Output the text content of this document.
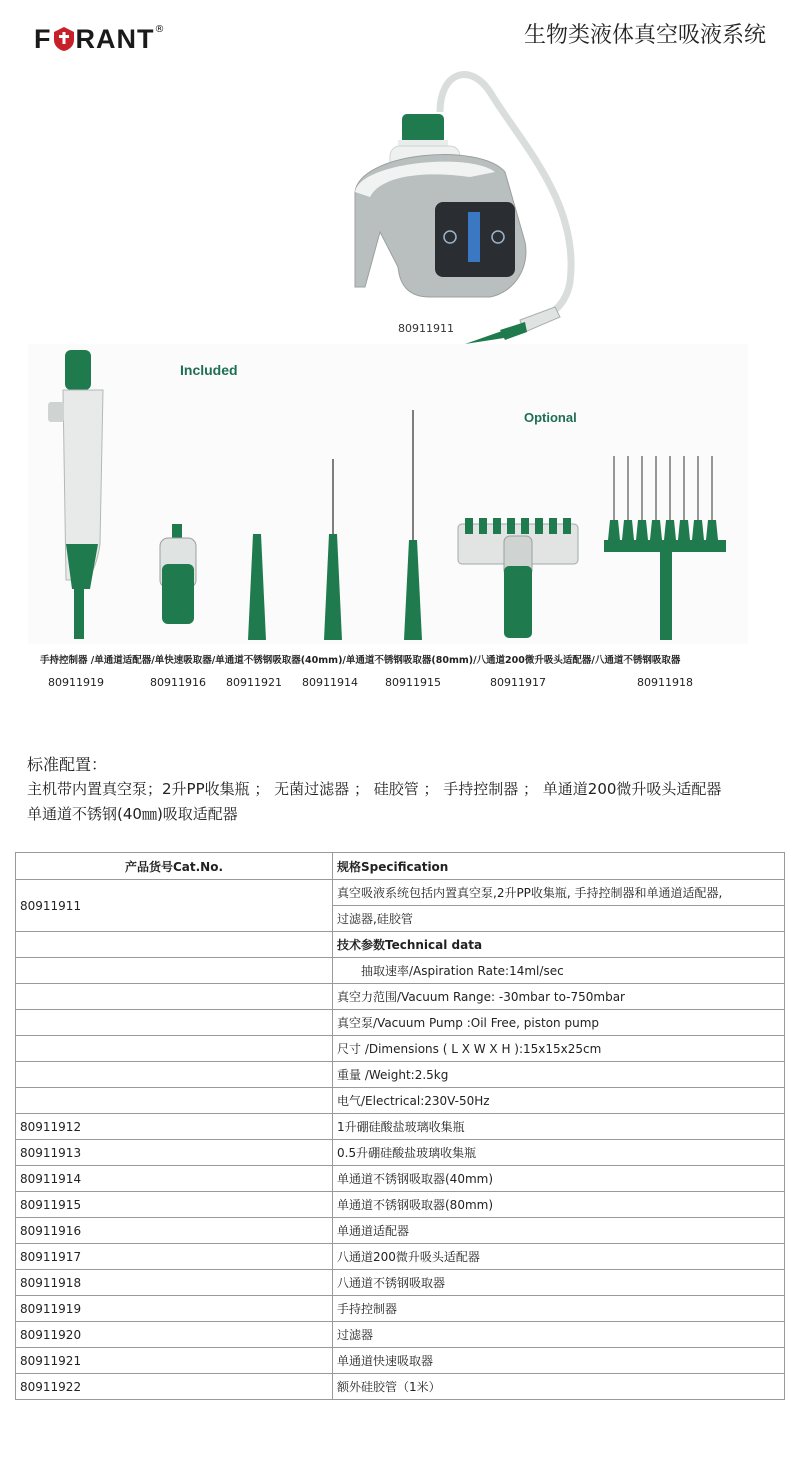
F RANT ®	生物类液体真空吸液系统
80911911
Included
Optional
手持控制器 /单通道适配器/单快速吸取器/单通道不锈钢吸取器(40mm)/单通道不锈钢吸取器(80mm)/八通道200微升吸头适配器/八通道不锈钢吸取器
80911919	80911916 80911921 80911914 80911915	80911917	80911918
标准配置：
主机带内置真空泵；2升PP收集瓶 ； 无菌过滤器 ； 硅胶管 ； 手持控制器 ； 单通道200微升吸头适配器
单通道不锈钢(40㎜)吸取适配器
产品货号Cat.No.	规格Specification
80911911	真空吸液系统包括内置真空泵,2升PP收集瓶, 手持控制器和单通道适配器,
	过滤器,硅胶管
	技术参数Technical data
	抽取速率/Aspiration Rate:14ml/sec
	真空力范围/Vacuum Range: -30mbar to-750mbar
	真空泵/Vacuum Pump :Oil Free, piston pump
	尺寸 /Dimensions ( L X W X H ):15x15x25cm
	重量 /Weight:2.5kg
	电气/Electrical:230V-50Hz
80911912	1升硼硅酸盐玻璃收集瓶
80911913	0.5升硼硅酸盐玻璃收集瓶
80911914	单通道不锈钢吸取器(40mm)
80911915	单通道不锈钢吸取器(80mm)
80911916	单通道适配器
80911917	八通道200微升吸头适配器
80911918	八通道不锈钢吸取器
80911919	手持控制器
80911920	过滤器
80911921	单通道快速吸取器
80911922	额外硅胶管（1米）
